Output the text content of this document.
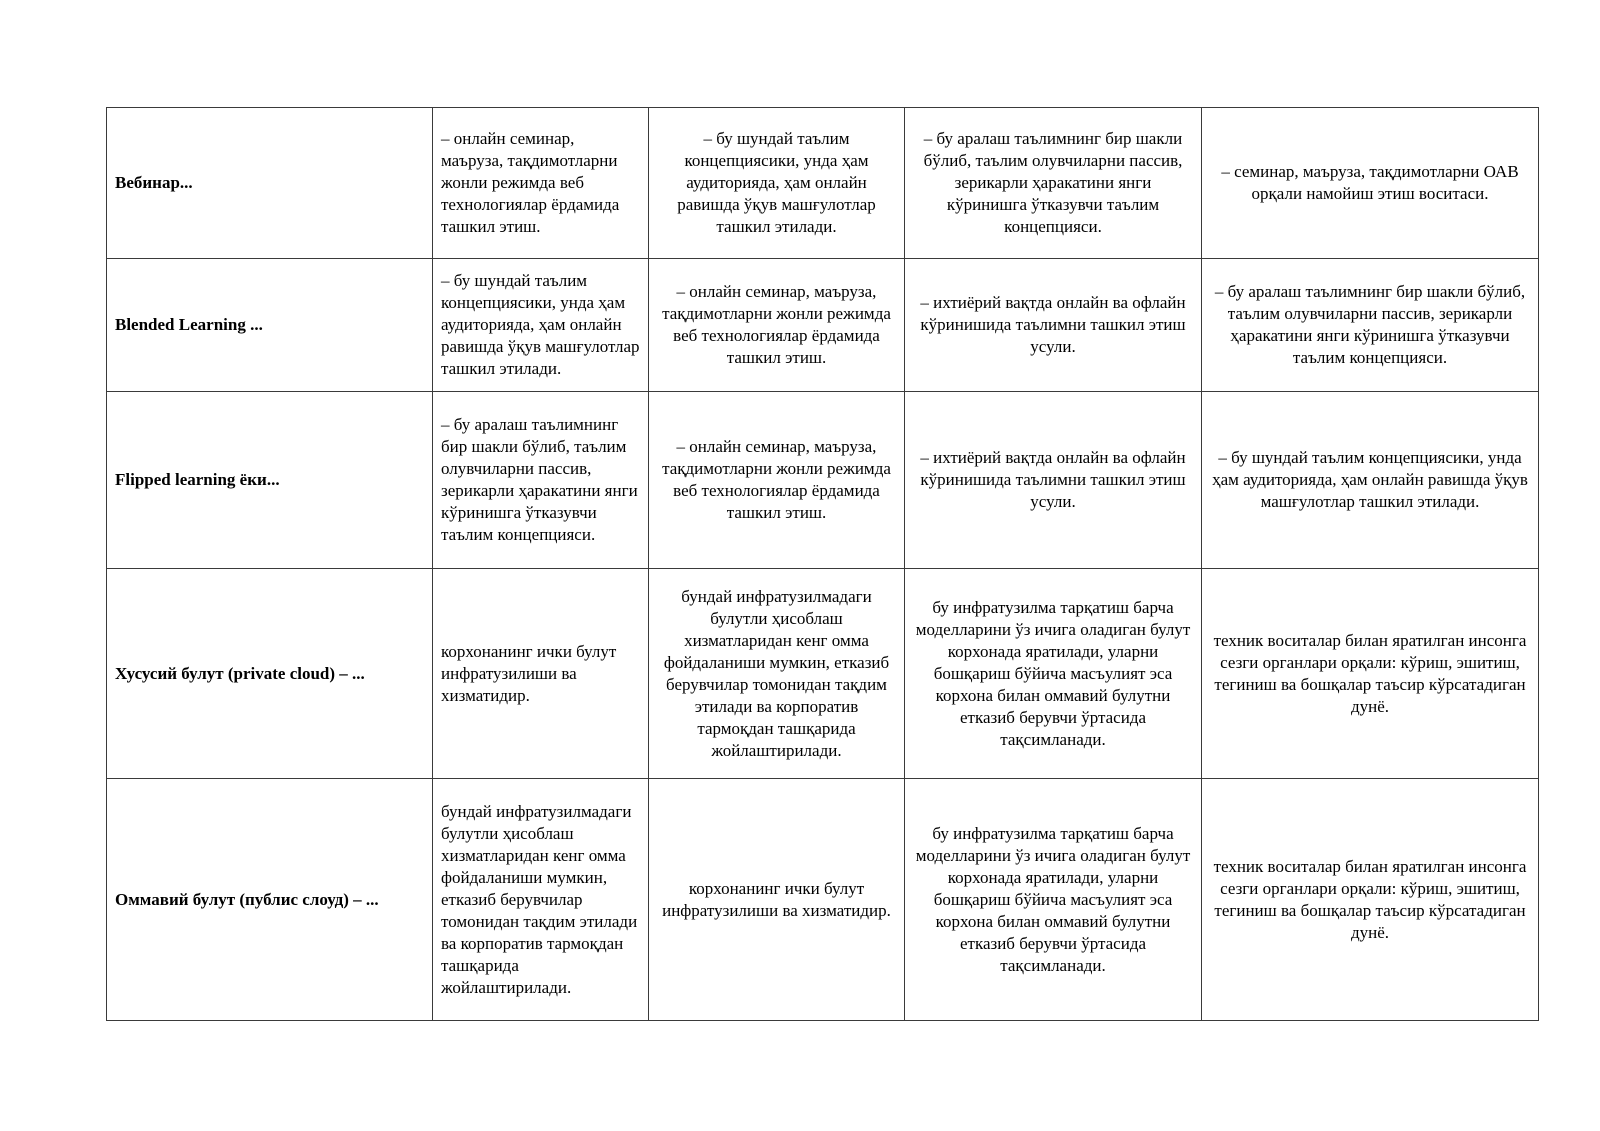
Вебинар...	– онлайн семинар, маъруза, тақдимотларни жонли режимда веб технологиялар ёрдамида ташкил этиш.	– бу шундай таълим концепциясики, унда ҳам аудиторияда, ҳам онлайн равишда ўқув машғулотлар ташкил этилади.	– бу аралаш таълимнинг бир шакли бўлиб, таълим олувчиларни пассив, зерикарли ҳаракатини янги кўринишга ўтказувчи таълим концепцияси.	– семинар, маъруза, тақдимотларни ОАВ орқали намойиш этиш воситаси.
Blended Learning ...	– бу шундай таълим концепциясики, унда ҳам аудиторияда, ҳам онлайн равишда ўқув машғулотлар ташкил этилади.	– онлайн семинар, маъруза, тақдимотларни жонли режимда веб технологиялар ёрдамида ташкил этиш.	– ихтиёрий вақтда онлайн ва офлайн кўринишида таълимни ташкил этиш усули.	– бу аралаш таълимнинг бир шакли бўлиб, таълим олувчиларни пассив, зерикарли ҳаракатини янги кўринишга ўтказувчи таълим концепцияси.
Flipped learning ёки...	– бу аралаш таълимнинг бир шакли бўлиб, таълим олувчиларни пассив, зерикарли ҳаракатини янги кўринишга ўтказувчи таълим концепцияси.	– онлайн семинар, маъруза, тақдимотларни жонли режимда веб технологиялар ёрдамида ташкил этиш.	– ихтиёрий вақтда онлайн ва офлайн кўринишида таълимни ташкил этиш усули.	– бу шундай таълим концепциясики, унда ҳам аудиторияда, ҳам онлайн равишда ўқув машғулотлар ташкил этилади.
Хусусий булут (private cloud) – ...	корхонанинг ички булут инфратузилиши ва хизматидир.	бундай инфратузилмадаги булутли ҳисоблаш хизматларидан кенг омма фойдаланиши мумкин, етказиб берувчилар томонидан тақдим этилади ва корпоратив тармоқдан ташқарида жойлаштирилади.	бу инфратузилма тарқатиш барча моделларини ўз ичига оладиган булут корхонада яратилади, уларни бошқариш бўйича масъулият эса корхона билан оммавий булутни етказиб берувчи ўртасида тақсимланади.	техник воситалар билан яратилган инсонга сезги органлари орқали: кўриш, эшитиш, тегиниш ва бошқалар таъсир кўрсатадиган дунё.
Оммавий булут (публис слоуд) – ...	бундай инфратузилмадаги булутли ҳисоблаш хизматларидан кенг омма фойдаланиши мумкин, етказиб берувчилар томонидан тақдим этилади ва корпоратив тармоқдан ташқарида жойлаштирилади.	корхонанинг ички булут инфратузилиши ва хизматидир.	бу инфратузилма тарқатиш барча моделларини ўз ичига оладиган булут корхонада яратилади, уларни бошқариш бўйича масъулият эса корхона билан оммавий булутни етказиб берувчи ўртасида тақсимланади.	техник воситалар билан яратилган инсонга сезги органлари орқали: кўриш, эшитиш, тегиниш ва бошқалар таъсир кўрсатадиган дунё.
